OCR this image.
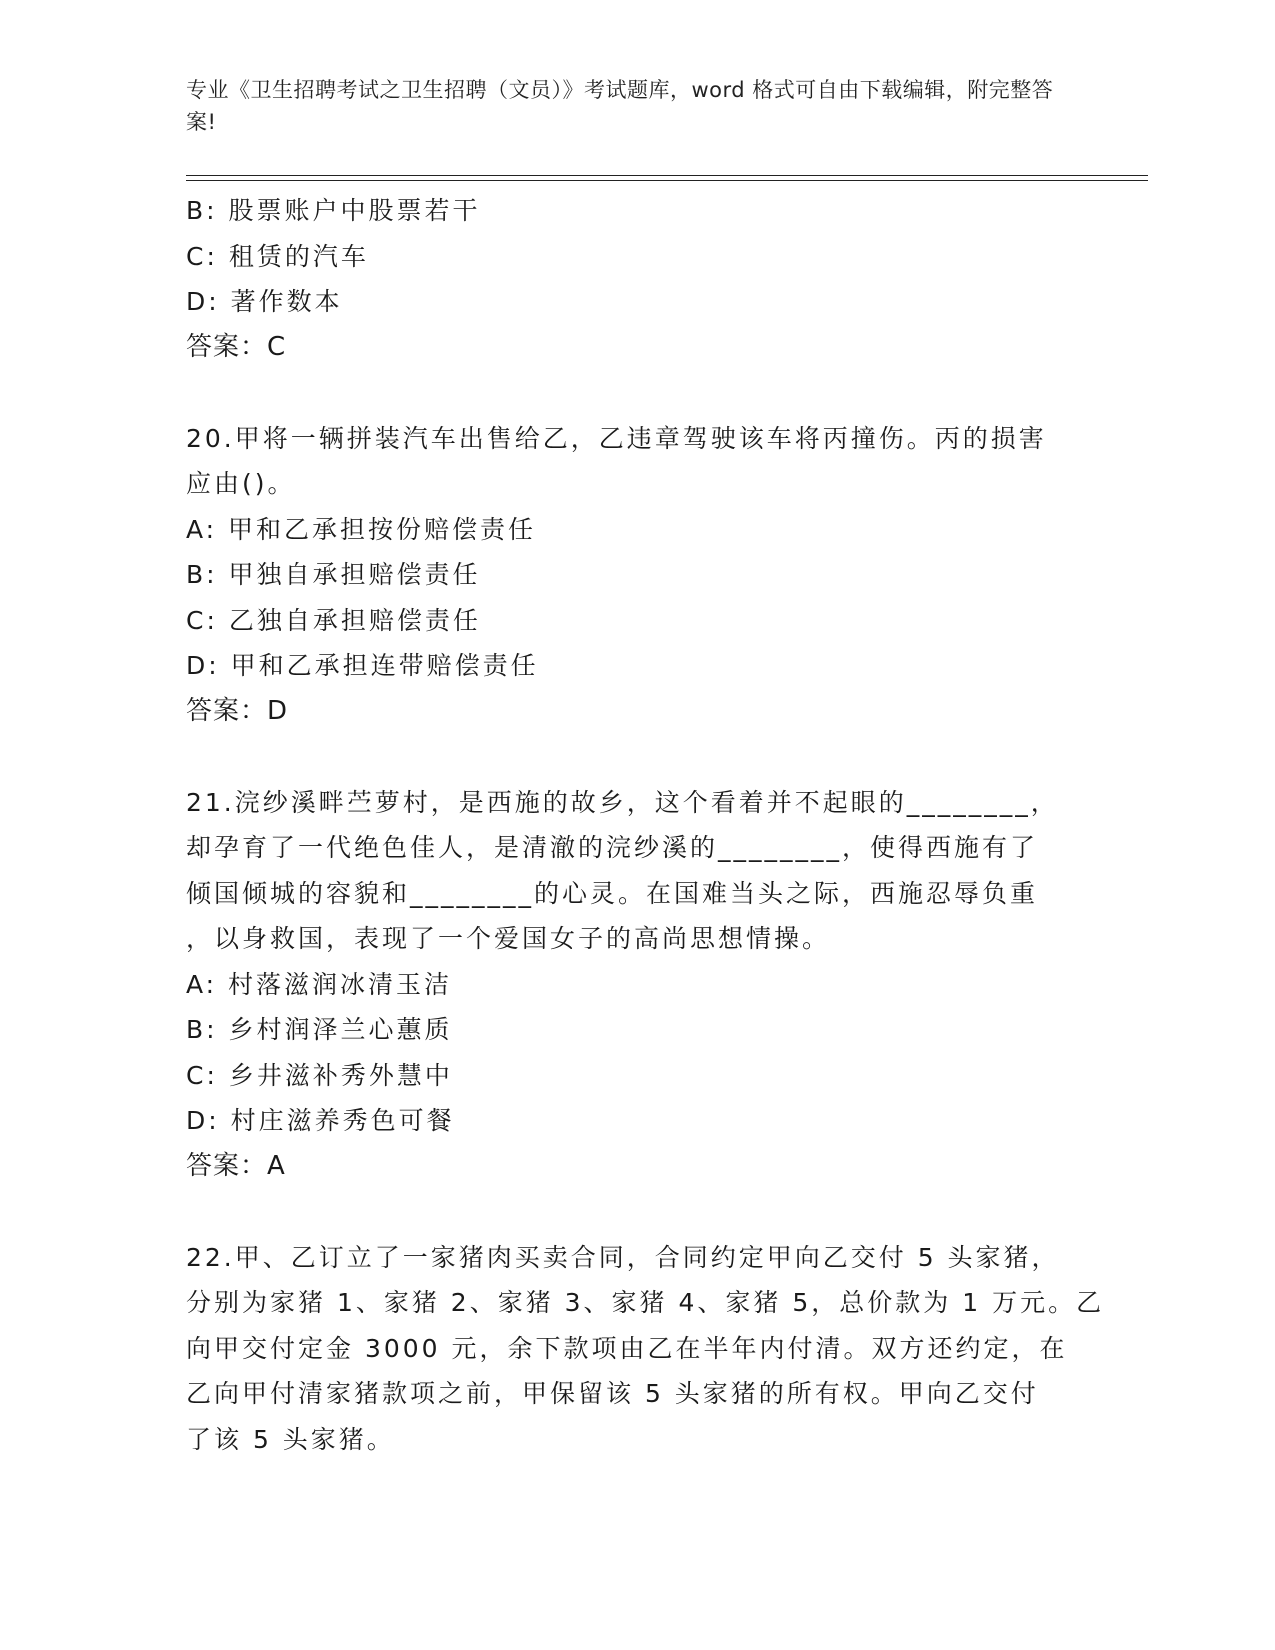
专业《卫生招聘考试之卫生招聘（文员）》考试题库，word 格式可自由下载编辑，附完整答案!
B: 股票账户中股票若干
C: 租赁的汽车
D: 著作数本
答案：C
20.甲将一辆拼装汽车出售给乙，乙违章驾驶该车将丙撞伤。丙的损害
应由()。
A: 甲和乙承担按份赔偿责任
B: 甲独自承担赔偿责任
C: 乙独自承担赔偿责任
D: 甲和乙承担连带赔偿责任
答案：D
21.浣纱溪畔苎萝村，是西施的故乡，这个看着并不起眼的________，
却孕育了一代绝色佳人，是清澈的浣纱溪的________，使得西施有了
倾国倾城的容貌和________的心灵。在国难当头之际，西施忍辱负重
，以身救国，表现了一个爱国女子的高尚思想情操。
A: 村落滋润冰清玉洁
B: 乡村润泽兰心蕙质
C: 乡井滋补秀外慧中
D: 村庄滋养秀色可餐
答案：A
22.甲、乙订立了一家猪肉买卖合同，合同约定甲向乙交付 5 头家猪，
分别为家猪 1、家猪 2、家猪 3、家猪 4、家猪 5，总价款为 1 万元。乙
向甲交付定金 3000 元，余下款项由乙在半年内付清。双方还约定，在
乙向甲付清家猪款项之前，甲保留该 5 头家猪的所有权。甲向乙交付
了该 5 头家猪。
